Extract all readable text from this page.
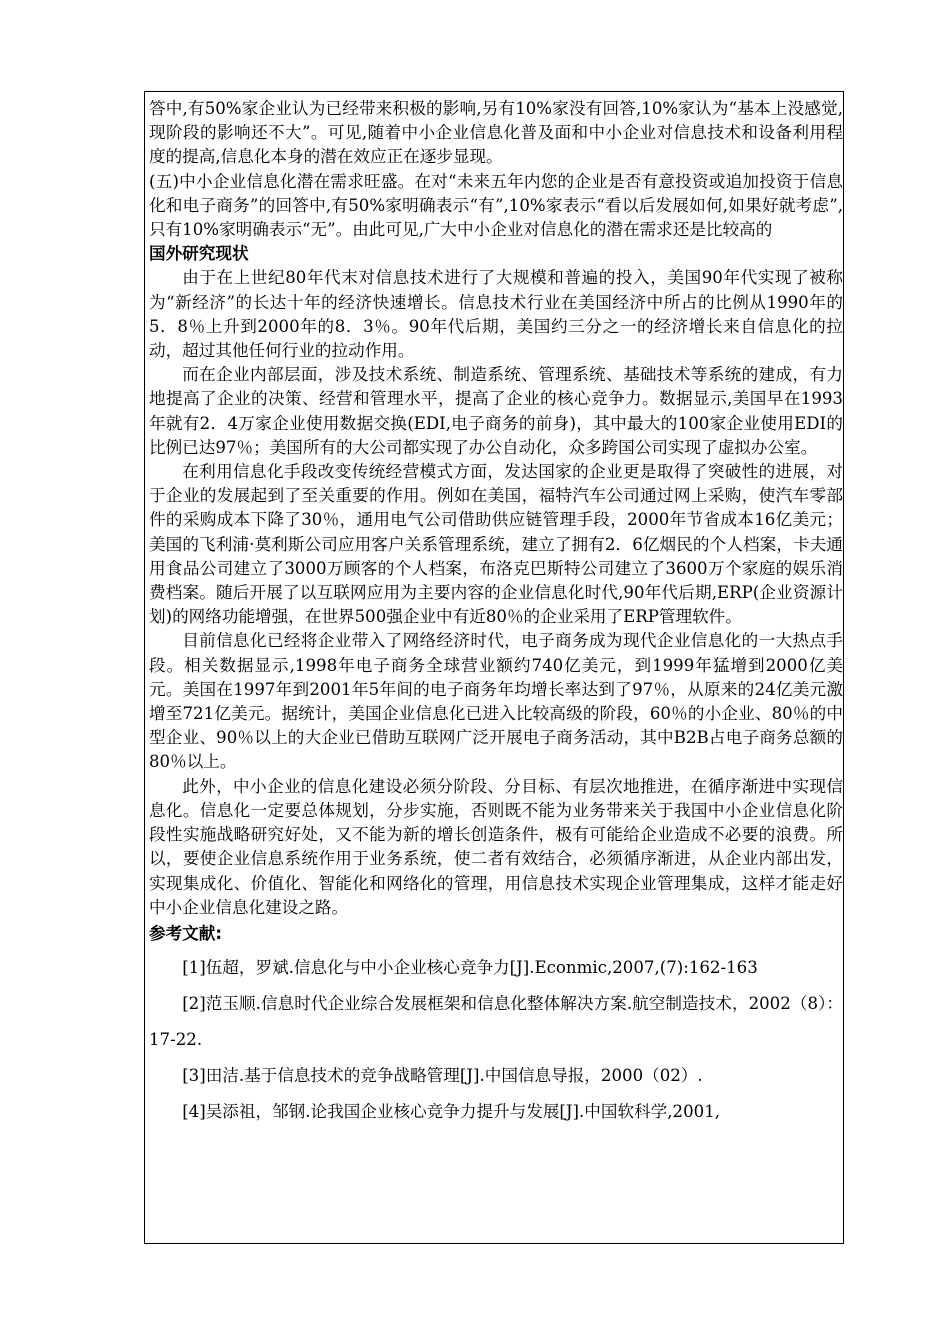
答中,有50%家企业认为已经带来积极的影响,另有10%家没有回答,10%家认为“基本上没感觉,现阶段的影响还不大”。可见,随着中小企业信息化普及面和中小企业对信息技术和设备利用程度的提高,信息化本身的潜在效应正在逐步显现。

(五)中小企业信息化潜在需求旺盛。在对“未来五年内您的企业是否有意投资或追加投资于信息化和电子商务”的回答中,有50%家明确表示“有”,10%家表示“看以后发展如何,如果好就考虑”,只有10%家明确表示“无”。由此可见,广大中小企业对信息化的潜在需求还是比较高的

国外研究现状

由于在上世纪80年代末对信息技术进行了大规模和普遍的投入，美国90年代实现了被称为“新经济”的长达十年的经济快速增长。信息技术行业在美国经济中所占的比例从1990年的5．8％上升到2000年的8．3％。90年代后期，美国约三分之一的经济增长来自信息化的拉动，超过其他任何行业的拉动作用。

而在企业内部层面，涉及技术系统、制造系统、管理系统、基础技术等系统的建成，有力地提高了企业的决策、经营和管理水平，提高了企业的核心竞争力。数据显示,美国早在1993年就有2．4万家企业使用数据交换(EDI,电子商务的前身)，其中最大的100家企业使用EDI的比例已达97％；美国所有的大公司都实现了办公自动化，众多跨国公司实现了虚拟办公室。

在利用信息化手段改变传统经营模式方面，发达国家的企业更是取得了突破性的进展，对于企业的发展起到了至关重要的作用。例如在美国，福特汽车公司通过网上采购，使汽车零部件的采购成本下降了30％，通用电气公司借助供应链管理手段，2000年节省成本16亿美元；美国的飞利浦·莫利斯公司应用客户关系管理系统，建立了拥有2．6亿烟民的个人档案，卡夫通用食品公司建立了3000万顾客的个人档案，布洛克巴斯特公司建立了3600万个家庭的娱乐消费档案。随后开展了以互联网应用为主要内容的企业信息化时代,90年代后期,ERP(企业资源计划)的网络功能增强，在世界500强企业中有近80％的企业采用了ERP管理软件。

目前信息化已经将企业带入了网络经济时代，电子商务成为现代企业信息化的一大热点手段。相关数据显示,1998年电子商务全球营业额约740亿美元，到1999年猛增到2000亿美元。美国在1997年到2001年5年间的电子商务年均增长率达到了97％，从原来的24亿美元激增至721亿美元。据统计，美国企业信息化已进入比较高级的阶段，60％的小企业、80％的中型企业、90％以上的大企业已借助互联网广泛开展电子商务活动，其中B2B占电子商务总额的80％以上。

此外，中小企业的信息化建设必须分阶段、分目标、有层次地推进，在循序渐进中实现信息化。信息化一定要总体规划，分步实施，否则既不能为业务带来关于我国中小企业信息化阶段性实施战略研究好处，又不能为新的增长创造条件，极有可能给企业造成不必要的浪费。所以，要使企业信息系统作用于业务系统，使二者有效结合，必须循序渐进，从企业内部出发，实现集成化、价值化、智能化和网络化的管理，用信息技术实现企业管理集成，这样才能走好中小企业信息化建设之路。

参考文献:

[1]伍超，罗斌.信息化与中小企业核心竞争力[J].Econmic,2007,(7):162-163

[2]范玉顺.信息时代企业综合发展框架和信息化整体解决方案.航空制造技术，2002（8）：17-22.

[3]田洁.基于信息技术的竞争战略管理[J].中国信息导报，2000（02）.

[4]吴添祖，邹钢.论我国企业核心竞争力提升与发展[J].中国软科学,2001,
